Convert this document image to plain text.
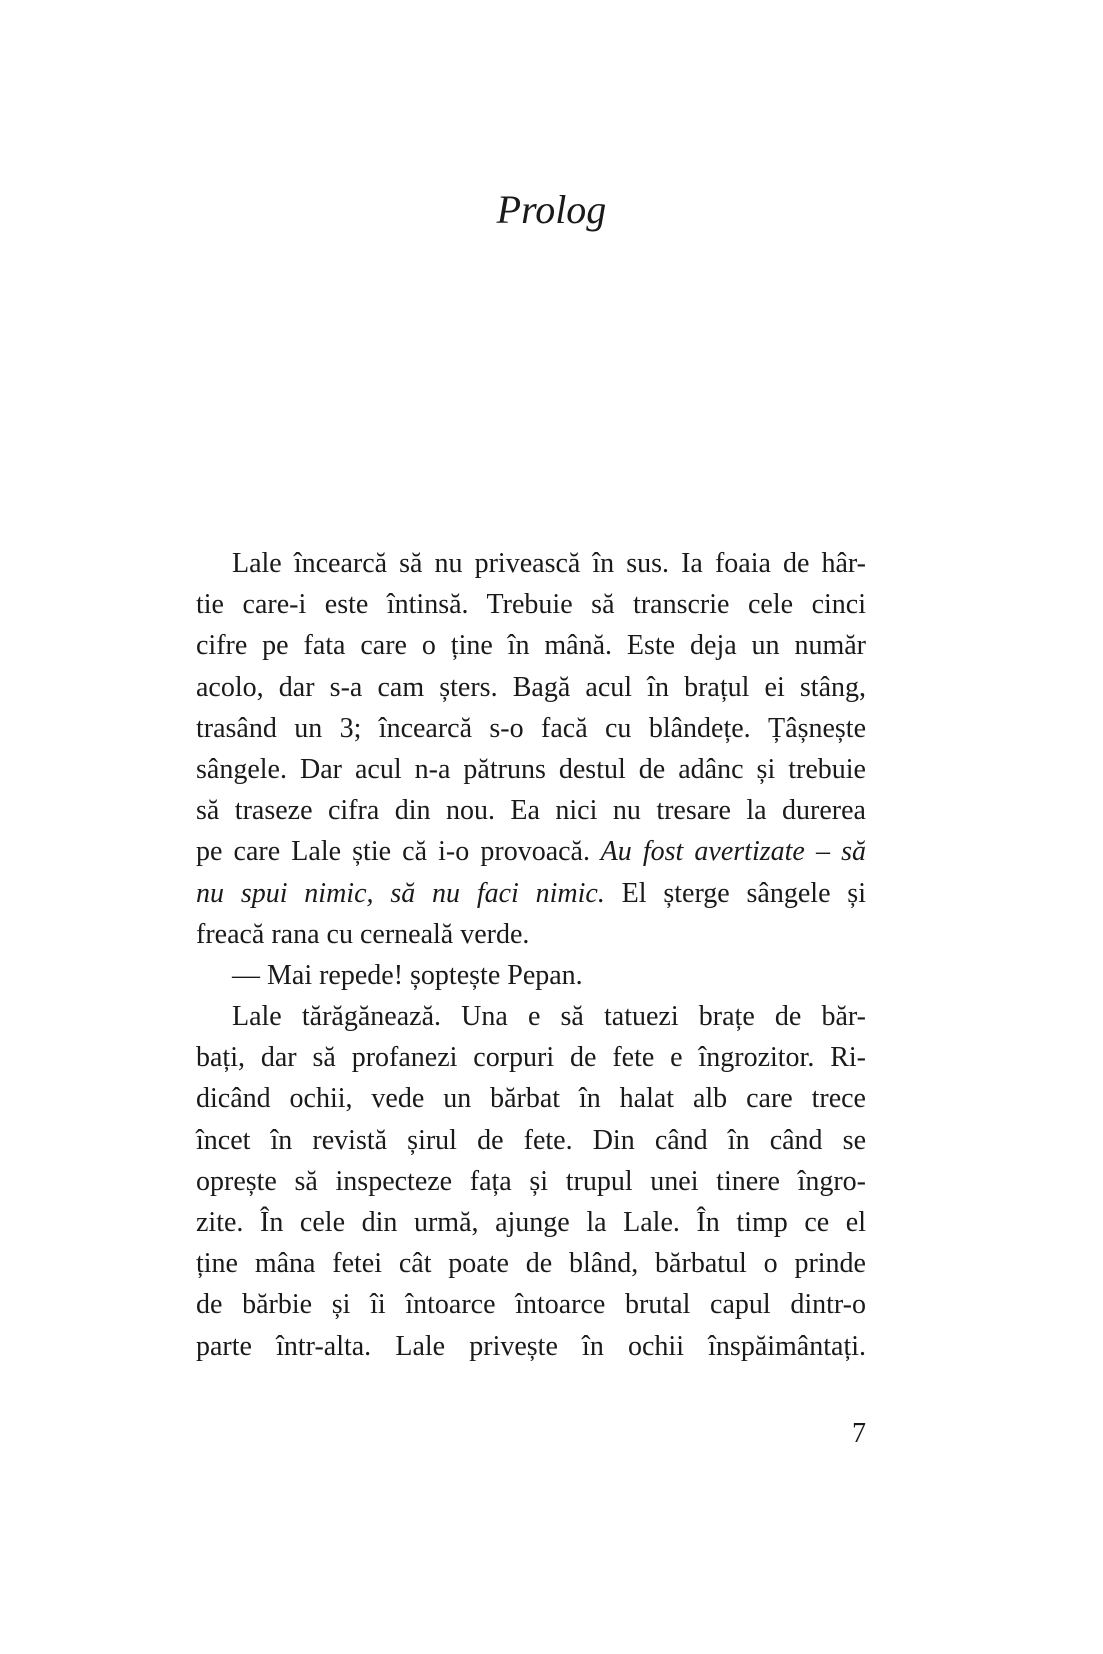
Prolog
Lale încearcă să nu privească în sus. Ia foaia de hâr-
tie care-i este întinsă. Trebuie să transcrie cele cinci
cifre pe fata care o ține în mână. Este deja un număr
acolo, dar s-a cam șters. Bagă acul în brațul ei stâng,
trasând un 3; încearcă s-o facă cu blândețe. Țâșnește
sângele. Dar acul n-a pătruns destul de adânc și trebuie
să traseze cifra din nou. Ea nici nu tresare la durerea
pe care Lale știe că i-o provoacă. Au fost avertizate – să
nu spui nimic, să nu faci nimic. El șterge sângele și
freacă rana cu cerneală verde.
— Mai repede! șoptește Pepan.
Lale tărăgănează. Una e să tatuezi brațe de băr-
bați, dar să profanezi corpuri de fete e îngrozitor. Ri-
dicând ochii, vede un bărbat în halat alb care trece
încet în revistă șirul de fete. Din când în când se
oprește să inspecteze fața și trupul unei tinere îngro-
zite. În cele din urmă, ajunge la Lale. În timp ce el
ține mâna fetei cât poate de blând, bărbatul o prinde
de bărbie și îi întoarce întoarce brutal capul dintr-o
parte într-alta. Lale privește în ochii înspăimântați.
7
